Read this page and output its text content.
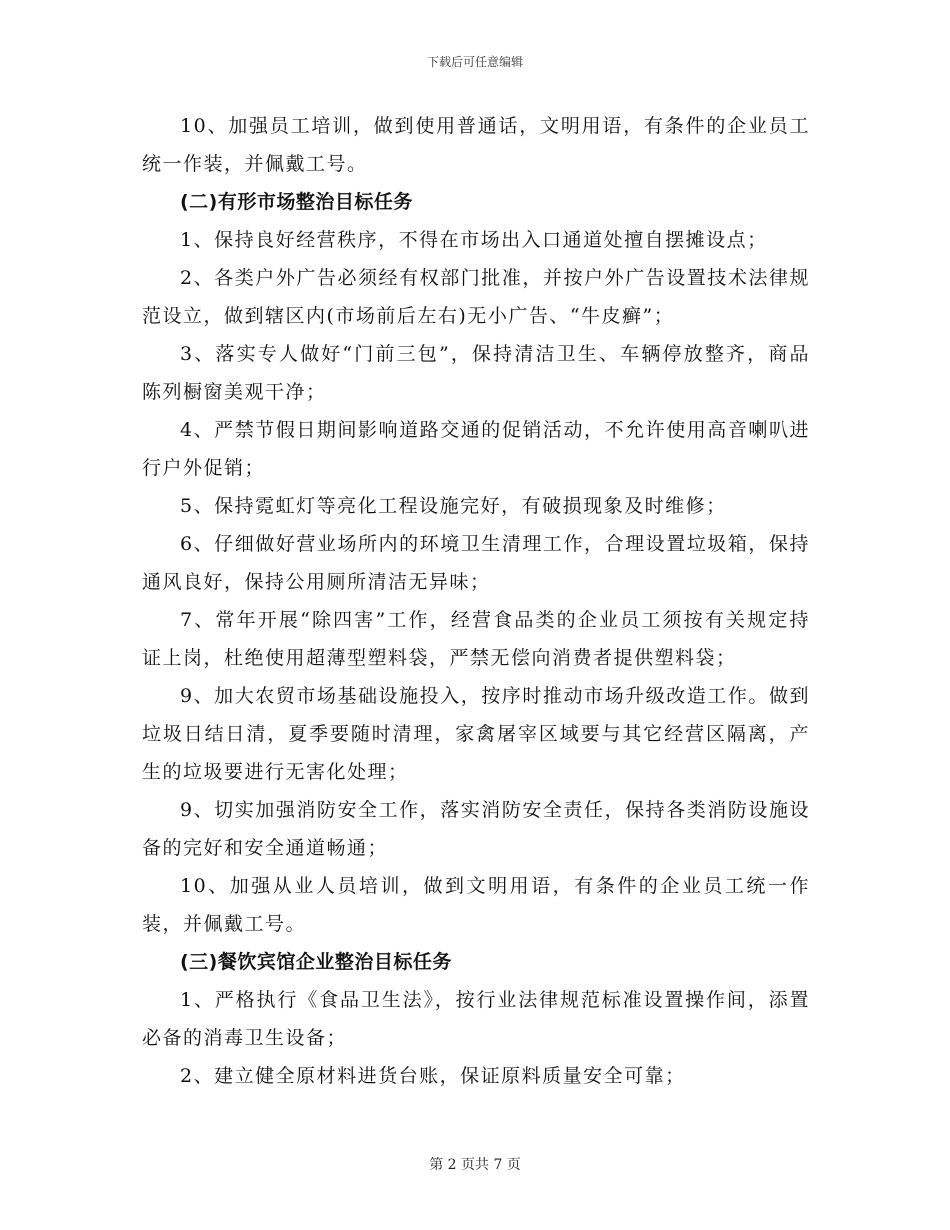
下载后可任意编辑

10、加强员工培训，做到使用普通话，文明用语，有条件的企业员工统一作装，并佩戴工号。

(二)有形市场整治目标任务

1、保持良好经营秩序，不得在市场出入口通道处擅自摆摊设点；

2、各类户外广告必须经有权部门批准，并按户外广告设置技术法律规范设立，做到辖区内(市场前后左右)无小广告、“牛皮癣”；

3、落实专人做好“门前三包”，保持清洁卫生、车辆停放整齐，商品陈列橱窗美观干净；

4、严禁节假日期间影响道路交通的促销活动，不允许使用高音喇叭进行户外促销；

5、保持霓虹灯等亮化工程设施完好，有破损现象及时维修；

6、仔细做好营业场所内的环境卫生清理工作，合理设置垃圾箱，保持通风良好，保持公用厕所清洁无异味；

7、常年开展“除四害”工作，经营食品类的企业员工须按有关规定持证上岗，杜绝使用超薄型塑料袋，严禁无偿向消费者提供塑料袋；

9、加大农贸市场基础设施投入，按序时推动市场升级改造工作。做到垃圾日结日清，夏季要随时清理，家禽屠宰区域要与其它经营区隔离，产生的垃圾要进行无害化处理；

9、切实加强消防安全工作，落实消防安全责任，保持各类消防设施设备的完好和安全通道畅通；

10、加强从业人员培训，做到文明用语，有条件的企业员工统一作装，并佩戴工号。

(三)餐饮宾馆企业整治目标任务

1、严格执行《食品卫生法》，按行业法律规范标准设置操作间，添置必备的消毒卫生设备；

2、建立健全原材料进货台账，保证原料质量安全可靠；

第 2 页共 7 页
